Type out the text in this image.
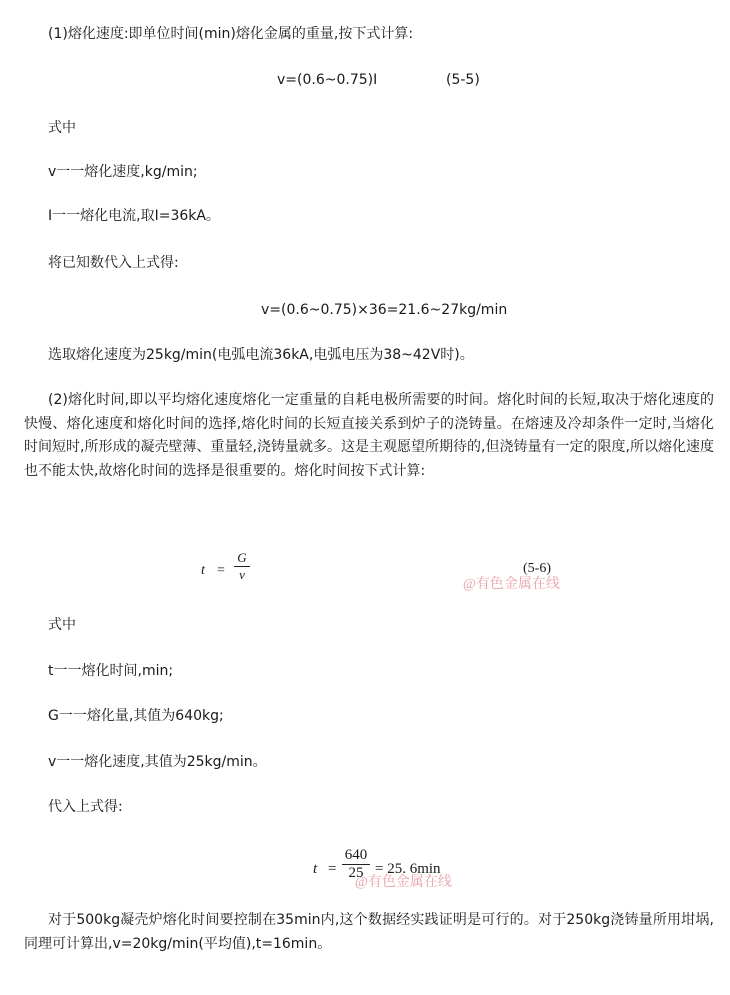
(1)熔化速度:即单位时间(min)熔化金属的重量,按下式计算:
v=(0.6~0.75)I	(5-5)
式中
v一一熔化速度,kg/min;
I一一熔化电流,取I=36kA。
将已知数代入上式得:
v=(0.6~0.75)×36=21.6~27kg/min
选取熔化速度为25kg/min(电弧电流36kA,电弧电压为38~42V时)。
(2)熔化时间,即以平均熔化速度熔化一定重量的自耗电极所需要的时间。熔化时间的长短,取决于熔化速度的快慢、熔化速度和熔化时间的选择,熔化时间的长短直接关系到炉子的浇铸量。在熔速及冷却条件一定时,当熔化时间短时,所形成的凝壳壁薄、重量轻,浇铸量就多。这是主观愿望所期待的,但浇铸量有一定的限度,所以熔化速度也不能太快,故熔化时间的选择是很重要的。熔化时间按下式计算:
t =
G
v	(5-6)
@有色金属在线
式中
t一一熔化时间,min;
G一一熔化量,其值为640kg;
v一一熔化速度,其值为25kg/min。
代入上式得:
t =
640
25 = 25. 6min
@有色金属在线
对于500kg凝壳炉熔化时间要控制在35min内,这个数据经实践证明是可行的。对于250kg浇铸量所用坩埚,同理可计算出,v=20kg/min(平均值),t=16min。
